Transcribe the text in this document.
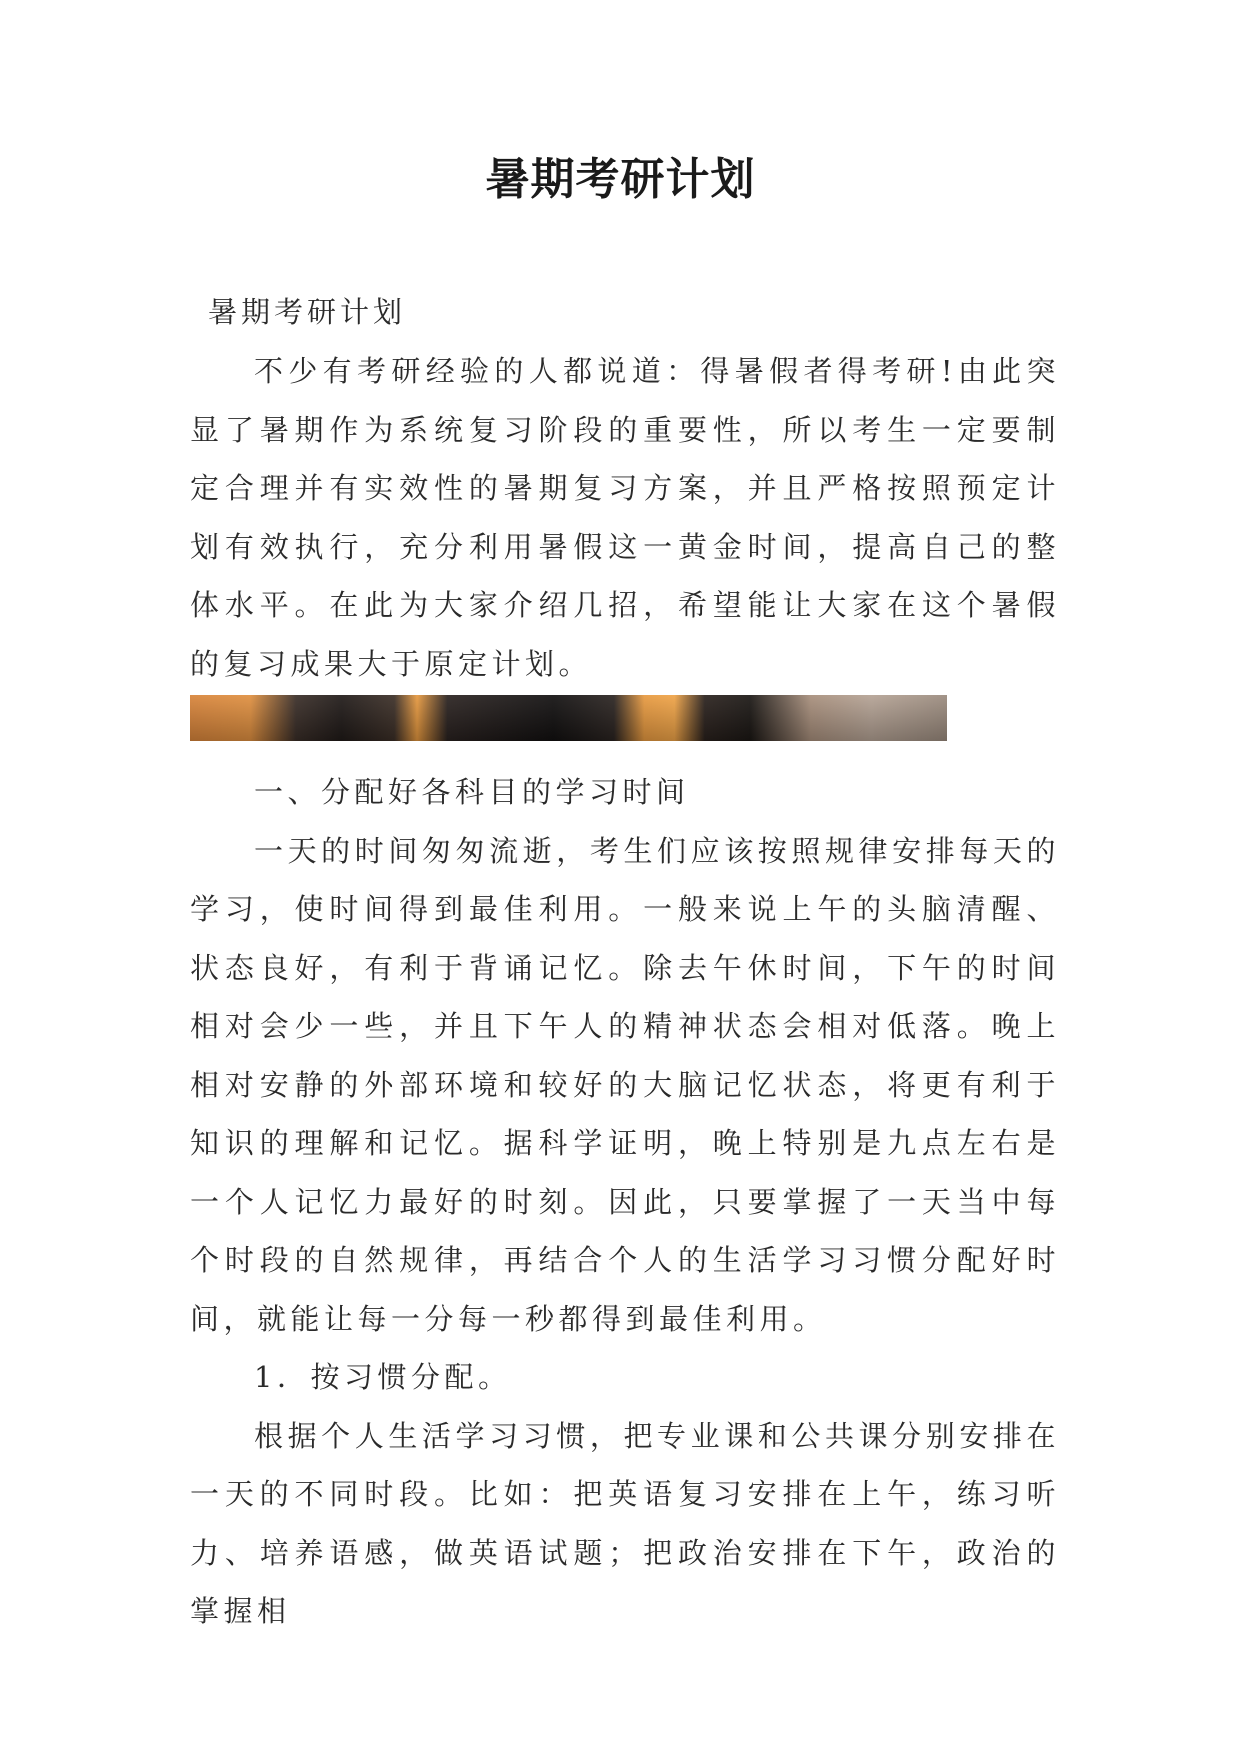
暑期考研计划

暑期考研计划

不少有考研经验的人都说道：得暑假者得考研!由此突显了暑期作为系统复习阶段的重要性，所以考生一定要制定合理并有实效性的暑期复习方案，并且严格按照预定计划有效执行，充分利用暑假这一黄金时间，提高自己的整体水平。在此为大家介绍几招，希望能让大家在这个暑假的复习成果大于原定计划。

一、分配好各科目的学习时间

一天的时间匆匆流逝，考生们应该按照规律安排每天的学习，使时间得到最佳利用。一般来说上午的头脑清醒、状态良好，有利于背诵记忆。除去午休时间，下午的时间相对会少一些，并且下午人的精神状态会相对低落。晚上相对安静的外部环境和较好的大脑记忆状态，将更有利于知识的理解和记忆。据科学证明，晚上特别是九点左右是一个人记忆力最好的时刻。因此，只要掌握了一天当中每个时段的自然规律，再结合个人的生活学习习惯分配好时间，就能让每一分每一秒都得到最佳利用。

1．按习惯分配。

根据个人生活学习习惯，把专业课和公共课分别安排在一天的不同时段。比如：把英语复习安排在上午，练习听力、培养语感，做英语试题；把政治安排在下午，政治的掌握相
